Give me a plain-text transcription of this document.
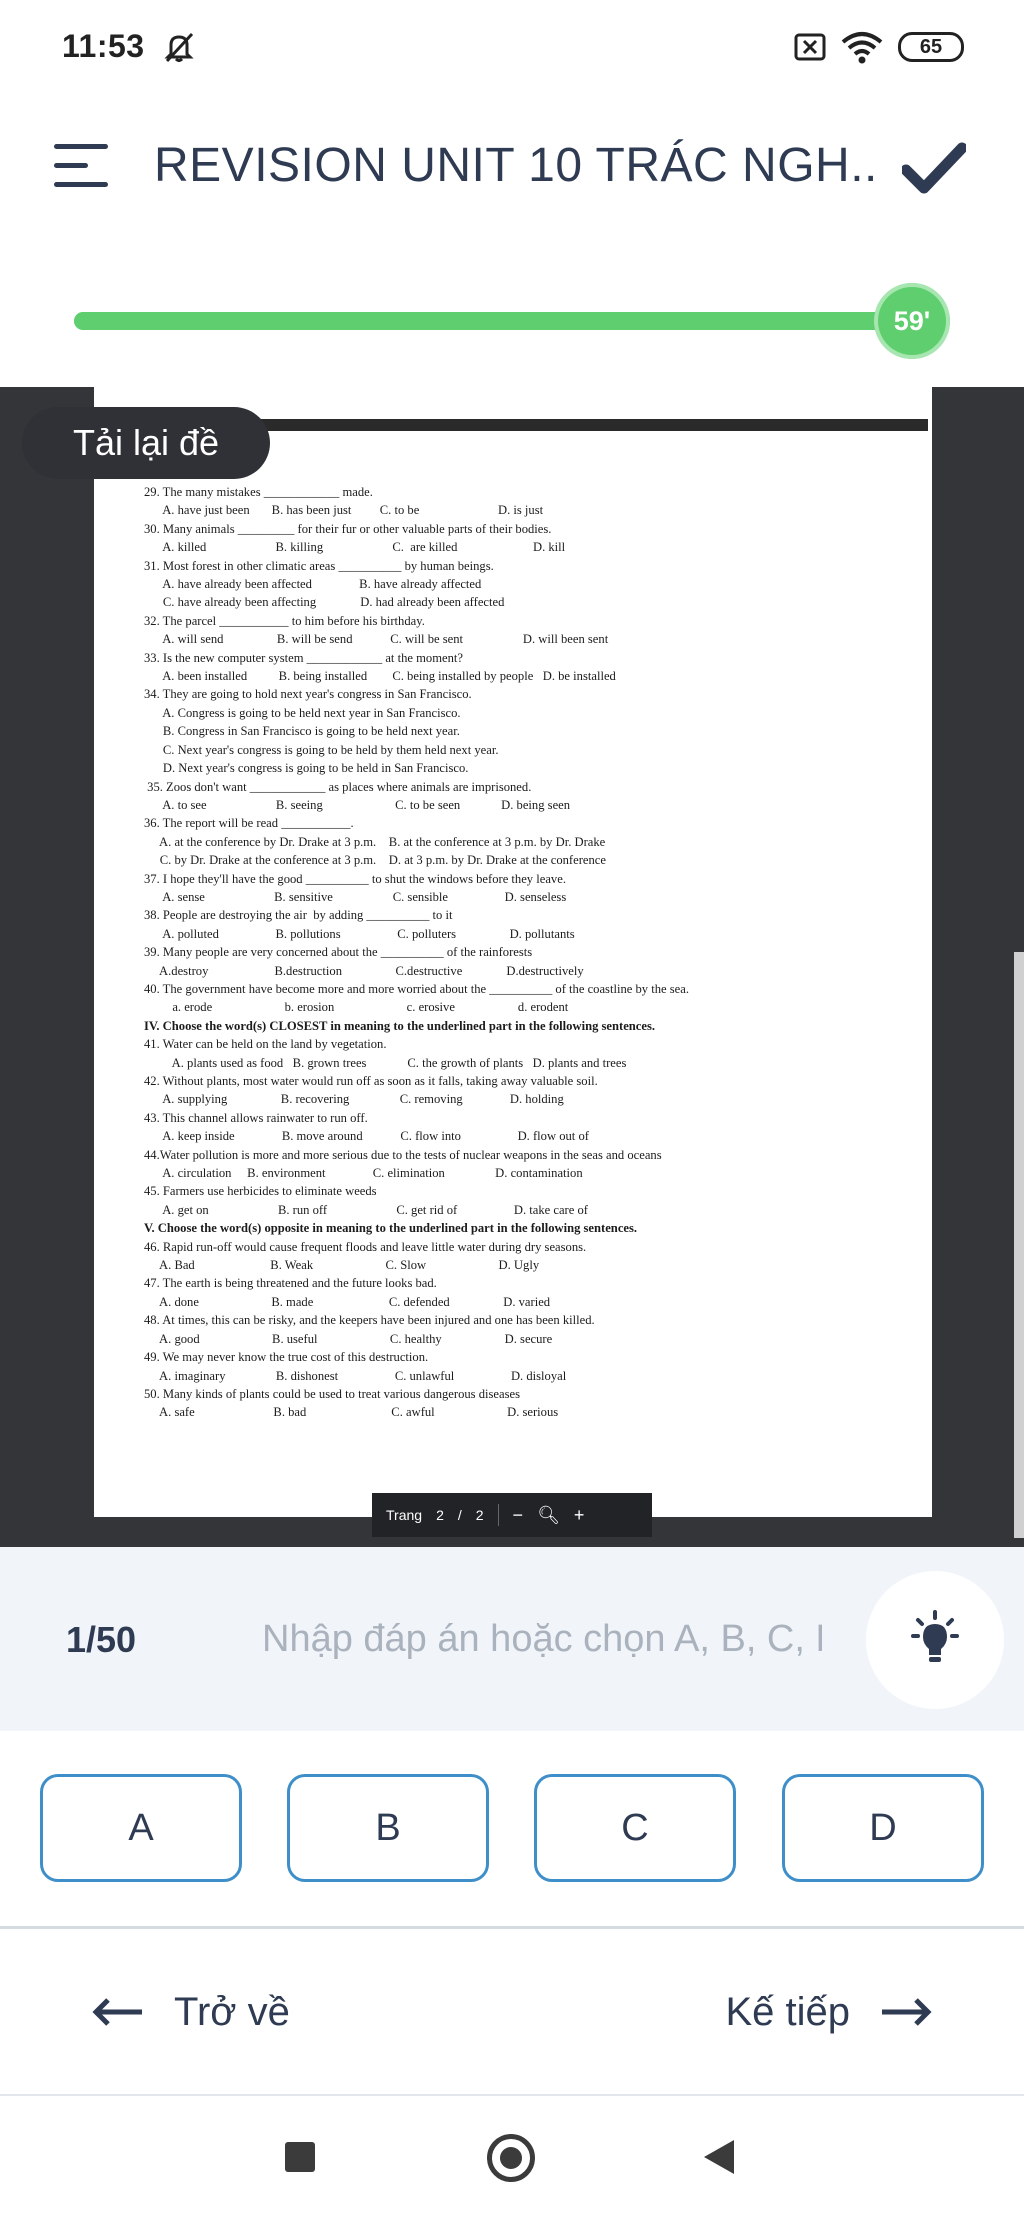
11:53	65
REVISION UNIT 10 TRÁC NGH..
59'
29. The many mistakes ____________ made.
A. have just been       B. has been just         C. to be                         D. is just
30. Many animals _________ for their fur or other valuable parts of their bodies.
A. killed                      B. killing                      C.  are killed                        D. kill
31. Most forest in other climatic areas __________ by human beings.
A. have already been affected               B. have already affected
C. have already been affecting              D. had already been affected
32. The parcel ___________ to him before his birthday.
A. will send                 B. will be send            C. will be sent                   D. will been sent
33. Is the new computer system ____________ at the moment?
A. been installed          B. being installed        C. being installed by people   D. be installed
34. They are going to hold next year's congress in San Francisco.
A. Congress is going to be held next year in San Francisco.
B. Congress in San Francisco is going to be held next year.
C. Next year's congress is going to be held by them held next year.
D. Next year's congress is going to be held in San Francisco.
35. Zoos don't want ____________ as places where animals are imprisoned.
A. to see                      B. seeing                       C. to be seen             D. being seen
36. The report will be read ___________.
A. at the conference by Dr. Drake at 3 p.m.    B. at the conference at 3 p.m. by Dr. Drake
C. by Dr. Drake at the conference at 3 p.m.    D. at 3 p.m. by Dr. Drake at the conference
37. I hope they'll have the good __________ to shut the windows before they leave.
A. sense                      B. sensitive                   C. sensible                  D. senseless
38. People are destroying the air  by adding __________ to it
A. polluted                  B. pollutions                  C. polluters                 D. pollutants
39. Many people are very concerned about the __________ of the rainforests
A.destroy                     B.destruction                 C.destructive              D.destructively
40. The government have become more and more worried about the __________ of the coastline by the sea.
a. erode                       b. erosion                       c. erosive                    d. erodent
IV. Choose the word(s) CLOSEST in meaning to the underlined part in the following sentences.
41. Water can be held on the land by vegetation.
A. plants used as food   B. grown trees             C. the growth of plants   D. plants and trees
42. Without plants, most water would run off as soon as it falls, taking away valuable soil.
A. supplying                 B. recovering                C. removing               D. holding
43. This channel allows rainwater to run off.
A. keep inside               B. move around            C. flow into                  D. flow out of
44.Water pollution is more and more serious due to the tests of nuclear weapons in the seas and oceans
A. circulation     B. environment               C. elimination                D. contamination
45. Farmers use herbicides to eliminate weeds
A. get on                      B. run off                      C. get rid of                  D. take care of
V. Choose the word(s) opposite in meaning to the underlined part in the following sentences.
46. Rapid run-off would cause frequent floods and leave little water during dry seasons.
A. Bad                        B. Weak                       C. Slow                       D. Ugly
47. The earth is being threatened and the future looks bad.
A. done                       B. made                        C. defended                 D. varied
48. At times, this can be risky, and the keepers have been injured and one has been killed.
A. good                       B. useful                       C. healthy                    D. secure
49. We may never know the true cost of this destruction.
A. imaginary                B. dishonest                  C. unlawful                  D. disloyal
50. Many kinds of plants could be used to treat various dangerous diseases
A. safe                         B. bad                           C. awful                       D. serious
Tải lại đề
Trang 2 / 2 − 🔍︎ +
1/50
Nhập đáp án hoặc chọn A, B, C, D
A	B	C	D
Trở về	Kế tiếp
